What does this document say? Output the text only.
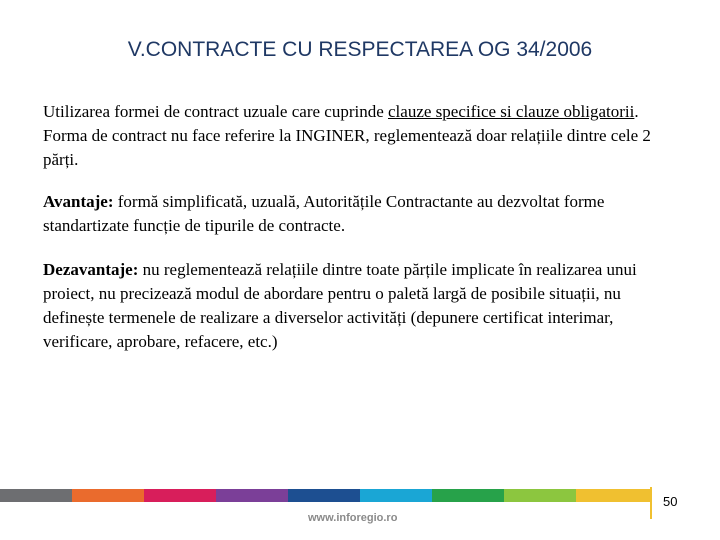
V.CONTRACTE CU RESPECTAREA OG 34/2006

Utilizarea formei de contract uzuale care cuprinde clauze specifice si clauze obligatorii. Forma de contract nu face referire la INGINER, reglementează doar relațiile dintre cele 2 părți.

Avantaje: formă simplificată, uzuală, Autoritățile Contractante au dezvoltat forme standartizate funcție de tipurile de contracte.

Dezavantaje: nu reglementează relațiile dintre toate părțile implicate în realizarea unui proiect, nu precizează modul de abordare pentru o paletă largă de posibile situații, nu definește termenele de realizare a diverselor activități (depunere certificat interimar, verificare, aprobare, refacere, etc.)

50
www.inforegio.ro
